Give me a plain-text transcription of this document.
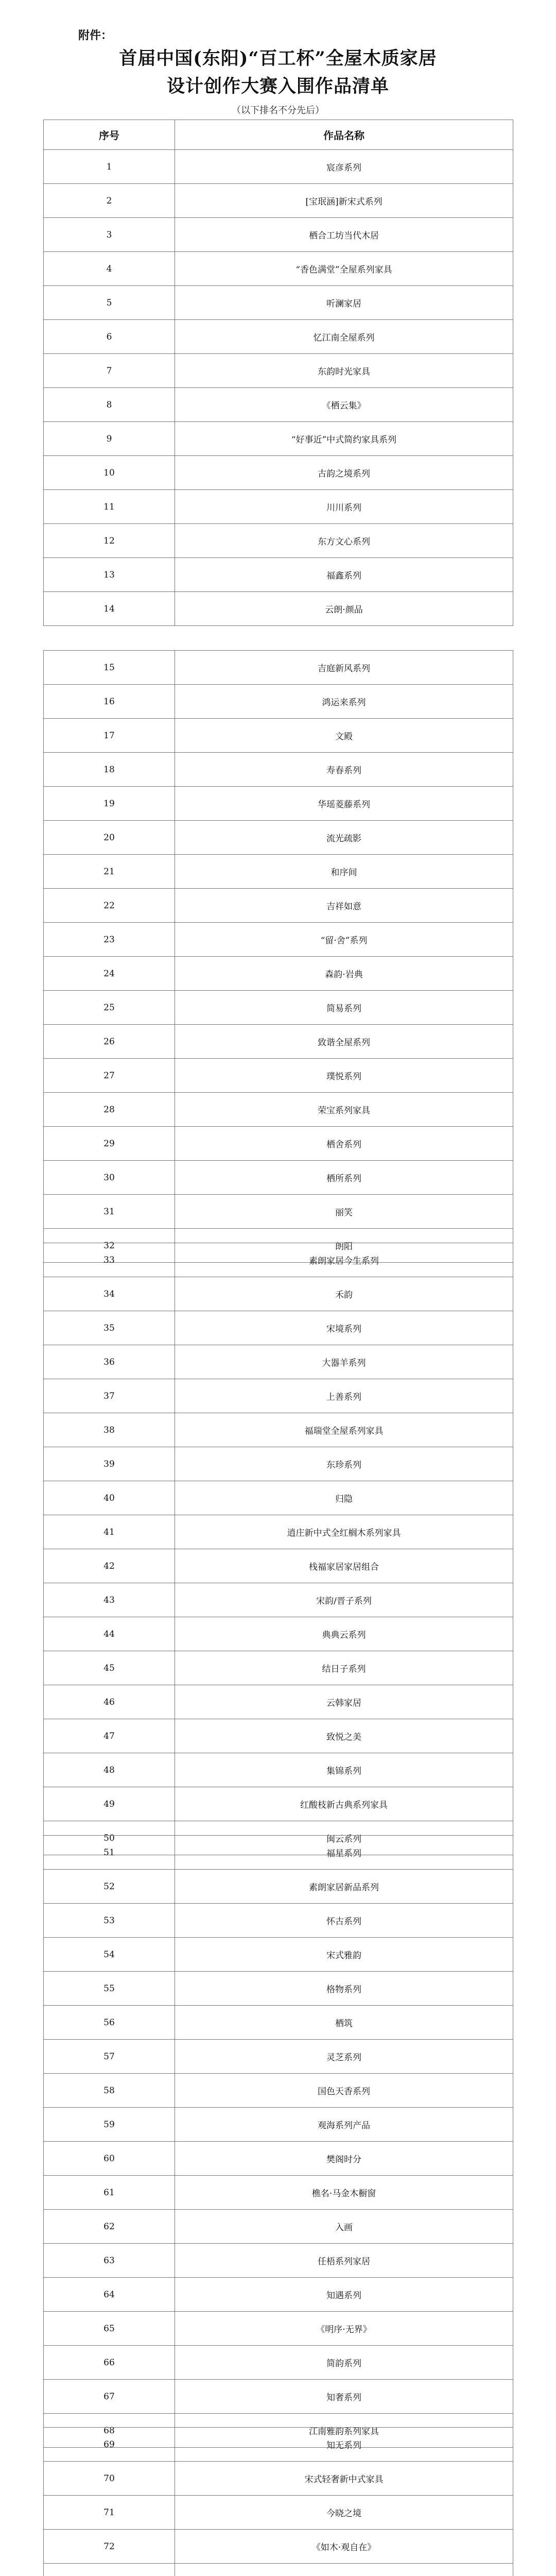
附件：
首届中国(东阳)“百工杯”全屋木质家居
设计创作大赛入围作品清单
（以下排名不分先后）
序号	作品名称
1	宸彦系列
2	[宝珉涵]新宋式系列
3	栖合工坊当代木居
4	“香色满堂”全屋系列家具
5	听澜家居
6	忆江南全屋系列
7	东韵时光家具
8	《栖云集》
9	“好事近”中式简约家具系列
10	古韵之境系列
11	川川系列
12	东方文心系列
13	福鑫系列
14	云朗·颜品
15	吉庭新风系列
16	鸿运来系列
17	文殿
18	寿春系列
19	华瑶菱藤系列
20	流光疏影
21	和序间
22	吉祥如意
23	“留·舍”系列
24	森韵·岩典
25	简易系列
26	致谐全屋系列
27	璞悦系列
28	荣宝系列家具
29	栖舍系列
30	栖所系列
31	丽笑
32	朗阳
33	素朗家居今生系列
34	禾韵
35	宋境系列
36	大器羊系列
37	上善系列
38	福瑞堂全屋系列家具
39	东珍系列
40	归隐
41	逍庄新中式全红榈木系列家具
42	栈福家居家居组合
43	宋韵/晋子系列
44	典典云系列
45	结日子系列
46	云韩家居
47	致悦之美
48	集锦系列
49	红酸枝新古典系列家具
50	闽云系列
51	福星系列
52	素朗家居新品系列
53	怀古系列
54	宋式雅韵
55	格物系列
56	栖筑
57	灵芝系列
58	国色天香系列
59	观海系列产品
60	樊阁时分
61	樵名·马金木橱窗
62	入画
63	任梧系列家居
64	知遇系列
65	《明序·无界》
66	简韵系列
67	知奢系列
68	江南雅韵系列家具
69	知无系列
70	宋式轻奢新中式家具
71	今晓之境
72	《如木·观自在》
